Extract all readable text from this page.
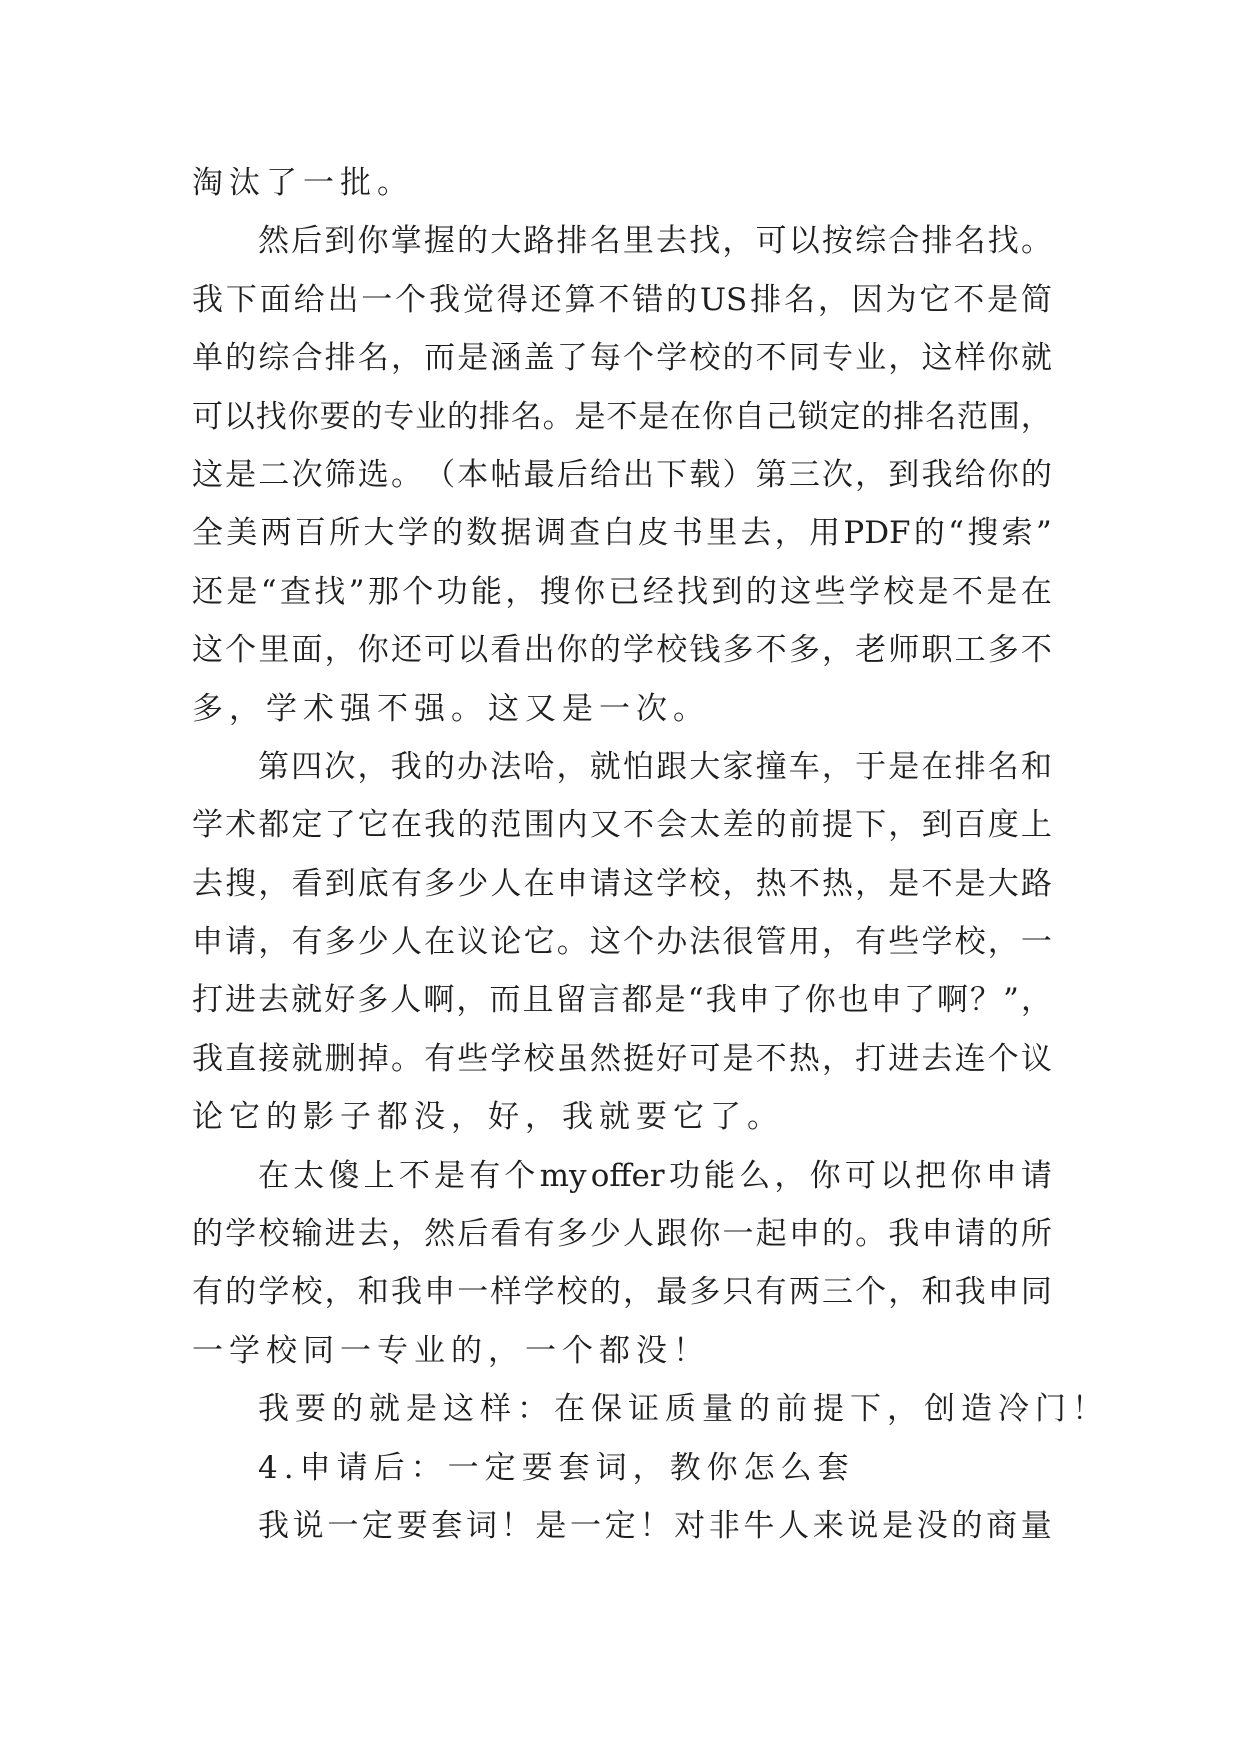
淘汰了一批。
然 后 到 你 掌 握 的 大 路 排 名 里 去 找 ， 可 以 按 综 合 排 名 找 。
我 下 面 给 出 一 个 我 觉 得 还 算 不 错 的 US 排 名 ， 因 为 它 不 是 简
单 的 综 合 排 名 ， 而 是 涵 盖 了 每 个 学 校 的 不 同 专 业 ， 这 样 你 就
可 以 找 你 要 的 专 业 的 排 名 。 是 不 是 在 你 自 己 锁 定 的 排 名 范 围 ，
这 是 二 次 筛 选 。 （ 本 帖 最 后 给 出 下 载 ） 第 三 次 ， 到 我 给 你 的
全 美 两 百 所 大 学 的 数 据 调 查 白 皮 书 里 去 ， 用 PDF 的 “ 搜 索 ”
还 是 “ 查 找 ” 那 个 功 能 ， 搜 你 已 经 找 到 的 这 些 学 校 是 不 是 在
这 个 里 面 ， 你 还 可 以 看 出 你 的 学 校 钱 多 不 多 ， 老 师 职 工 多 不
多，学术强不强。这又是一次。
第 四 次 ， 我 的 办 法 哈 ， 就 怕 跟 大 家 撞 车 ， 于 是 在 排 名 和
学 术 都 定 了 它 在 我 的 范 围 内 又 不 会 太 差 的 前 提 下 ， 到 百 度 上
去 搜 ， 看 到 底 有 多 少 人 在 申 请 这 学 校 ， 热 不 热 ， 是 不 是 大 路
申 请 ， 有 多 少 人 在 议 论 它 。 这 个 办 法 很 管 用 ， 有 些 学 校 ， 一
打 进 去 就 好 多 人 啊 ， 而 且 留 言 都 是 “ 我 申 了 你 也 申 了 啊 ？ ” ，
我 直 接 就 删 掉 。 有 些 学 校 虽 然 挺 好 可 是 不 热 ， 打 进 去 连 个 议
论它的影子都没，好，我就要它了。
在 太 傻 上 不 是 有 个 my offer 功 能 么 ， 你 可 以 把 你 申 请
的 学 校 输 进 去 ， 然 后 看 有 多 少 人 跟 你 一 起 申 的 。 我 申 请 的 所
有 的 学 校 ， 和 我 申 一 样 学 校 的 ， 最 多 只 有 两 三 个 ， 和 我 申 同
一学校同一专业的，一个都没！
我要的就是这样：在保证质量的前提下，创造冷门！
4.申请后：一定要套词，教你怎么套
我 说 一 定 要 套 词 ！ 是 一 定 ！ 对 非 牛 人 来 说 是 没 的 商 量
